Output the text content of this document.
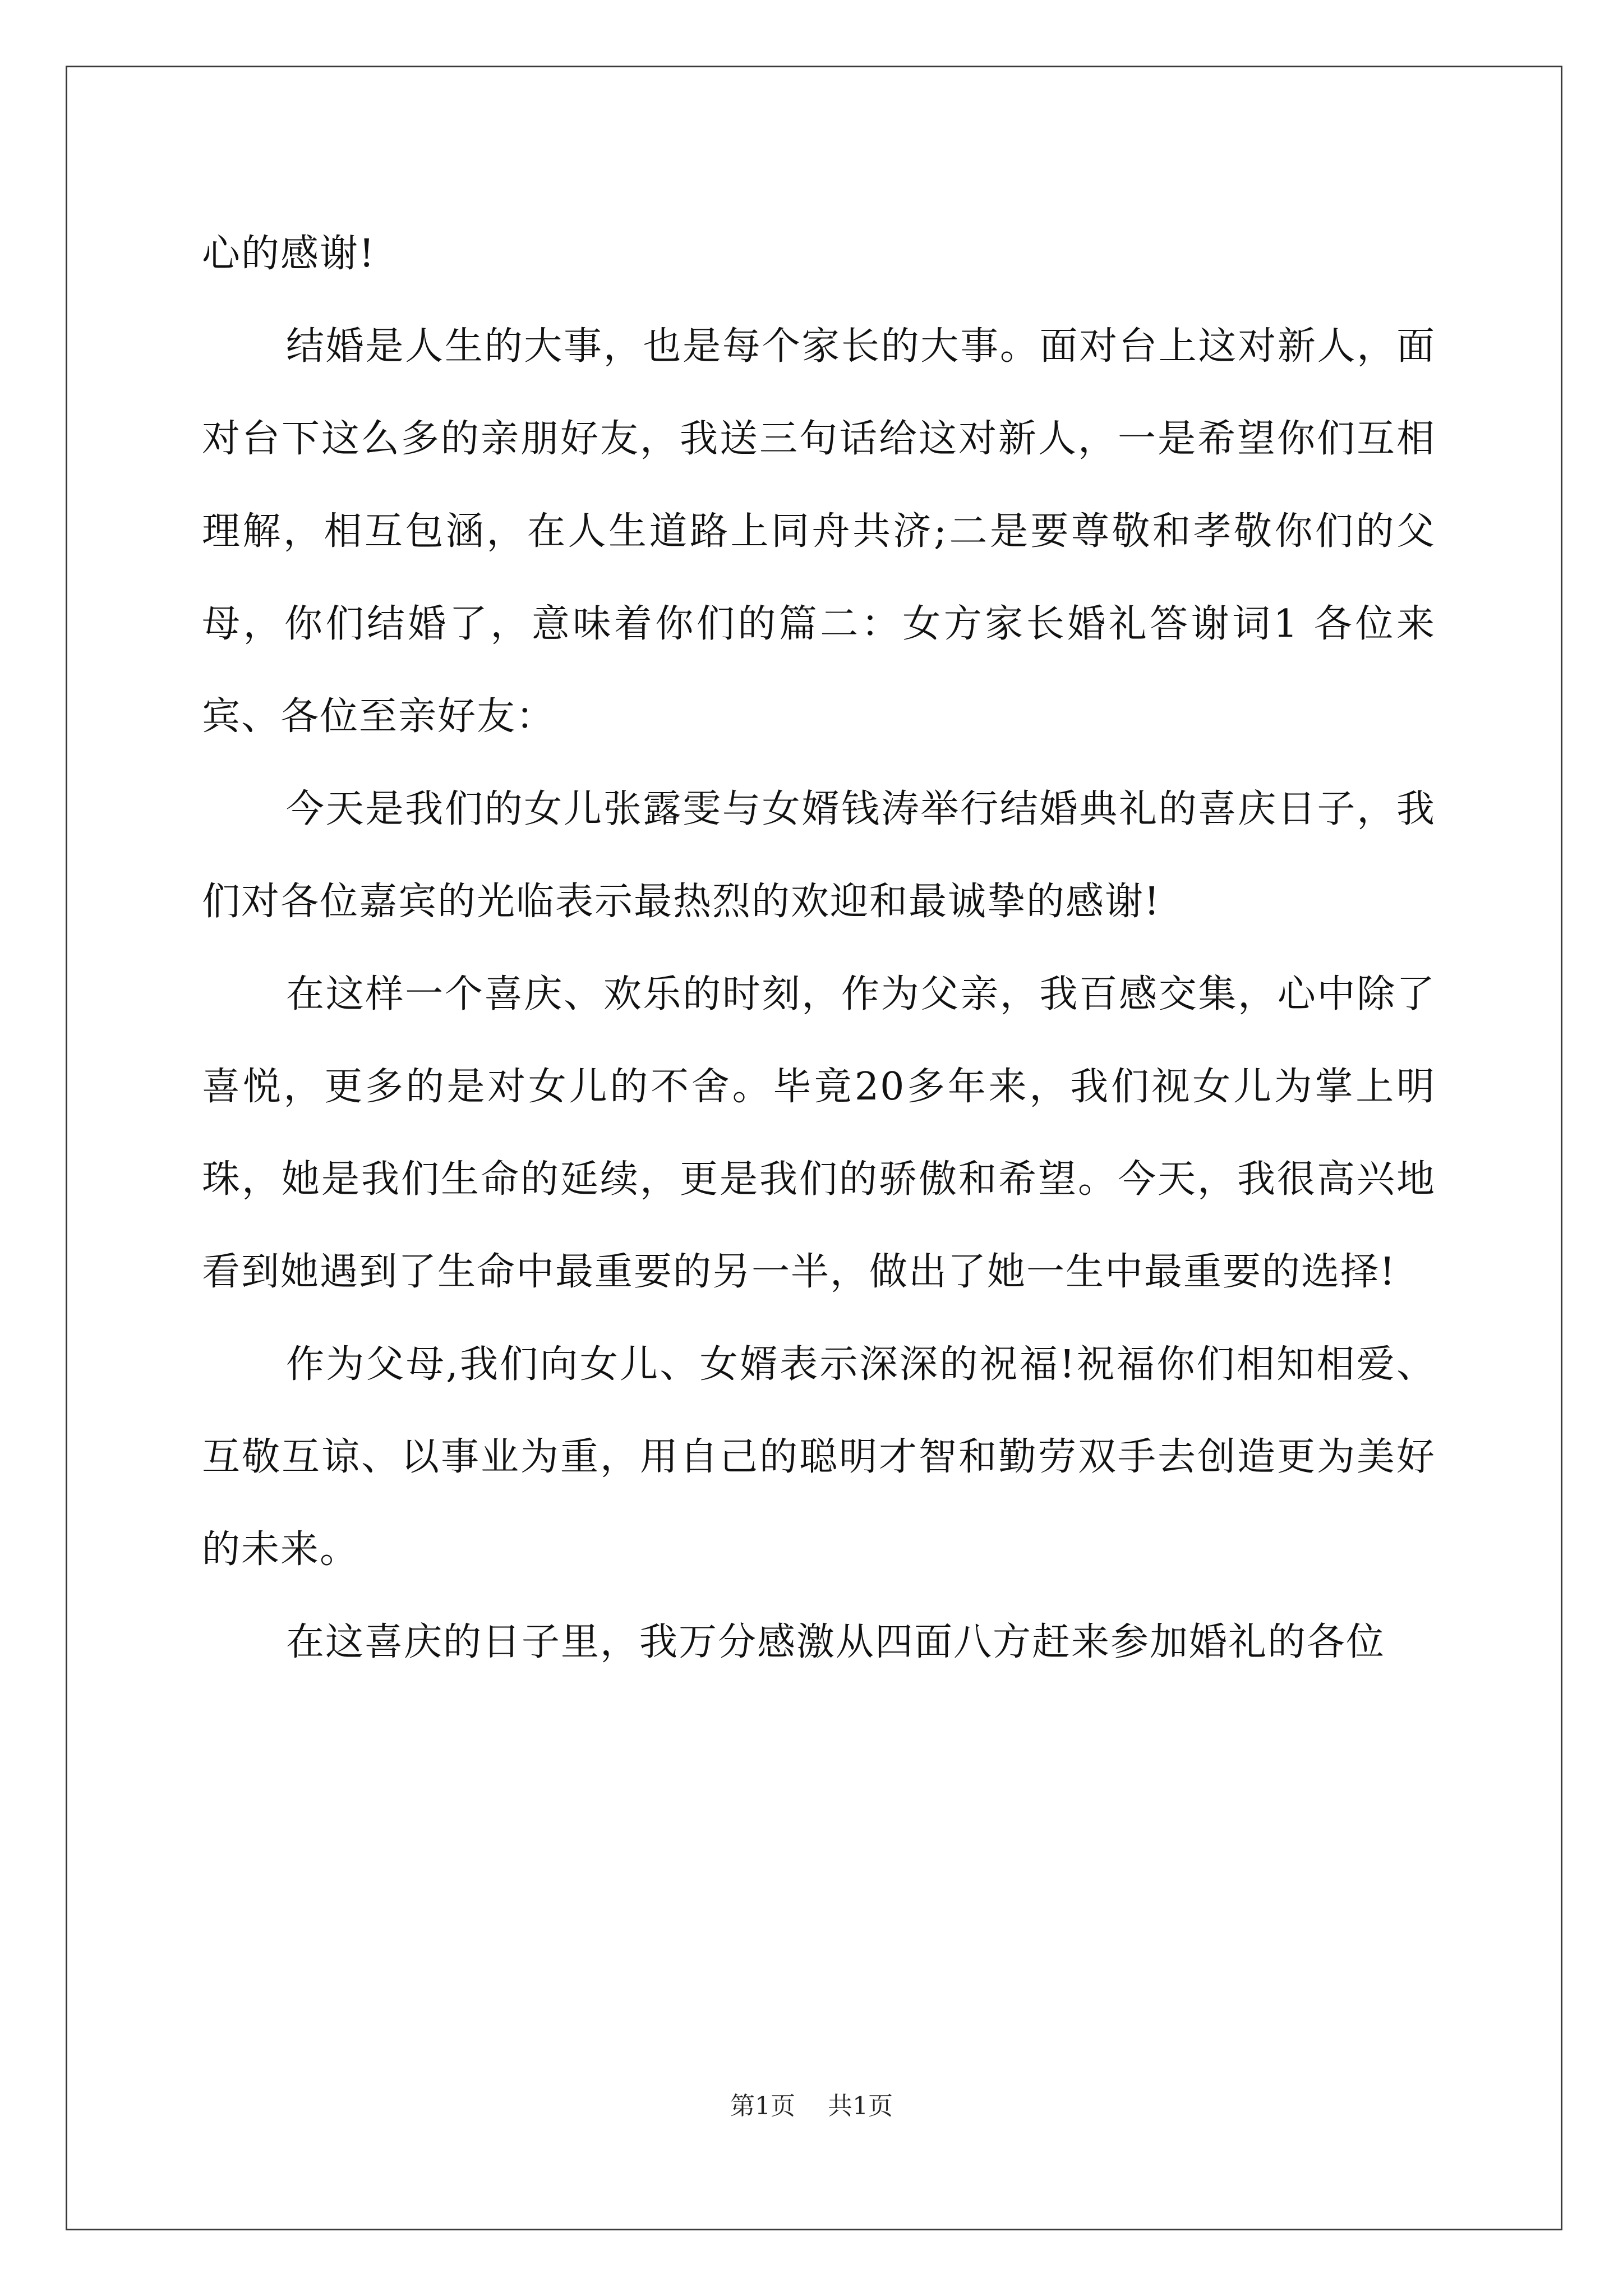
心的感谢!

结婚是人生的大事，也是每个家长的大事。面对台上这对新人，面对台下这么多的亲朋好友，我送三句话给这对新人，一是希望你们互相理解，相互包涵，在人生道路上同舟共济;二是要尊敬和孝敬你们的父母，你们结婚了，意味着你们的篇二：女方家长婚礼答谢词1 各位来宾、各位至亲好友：

今天是我们的女儿张露雯与女婿钱涛举行结婚典礼的喜庆日子，我们对各位嘉宾的光临表示最热烈的欢迎和最诚挚的感谢!

在这样一个喜庆、欢乐的时刻，作为父亲，我百感交集，心中除了喜悦，更多的是对女儿的不舍。毕竟20多年来，我们视女儿为掌上明珠，她是我们生命的延续，更是我们的骄傲和希望。今天，我很高兴地看到她遇到了生命中最重要的另一半，做出了她一生中最重要的选择!

作为父母,我们向女儿、女婿表示深深的祝福!祝福你们相知相爱、互敬互谅、以事业为重，用自己的聪明才智和勤劳双手去创造更为美好的未来。

在这喜庆的日子里，我万分感激从四面八方赶来参加婚礼的各位

第1页 共1页
